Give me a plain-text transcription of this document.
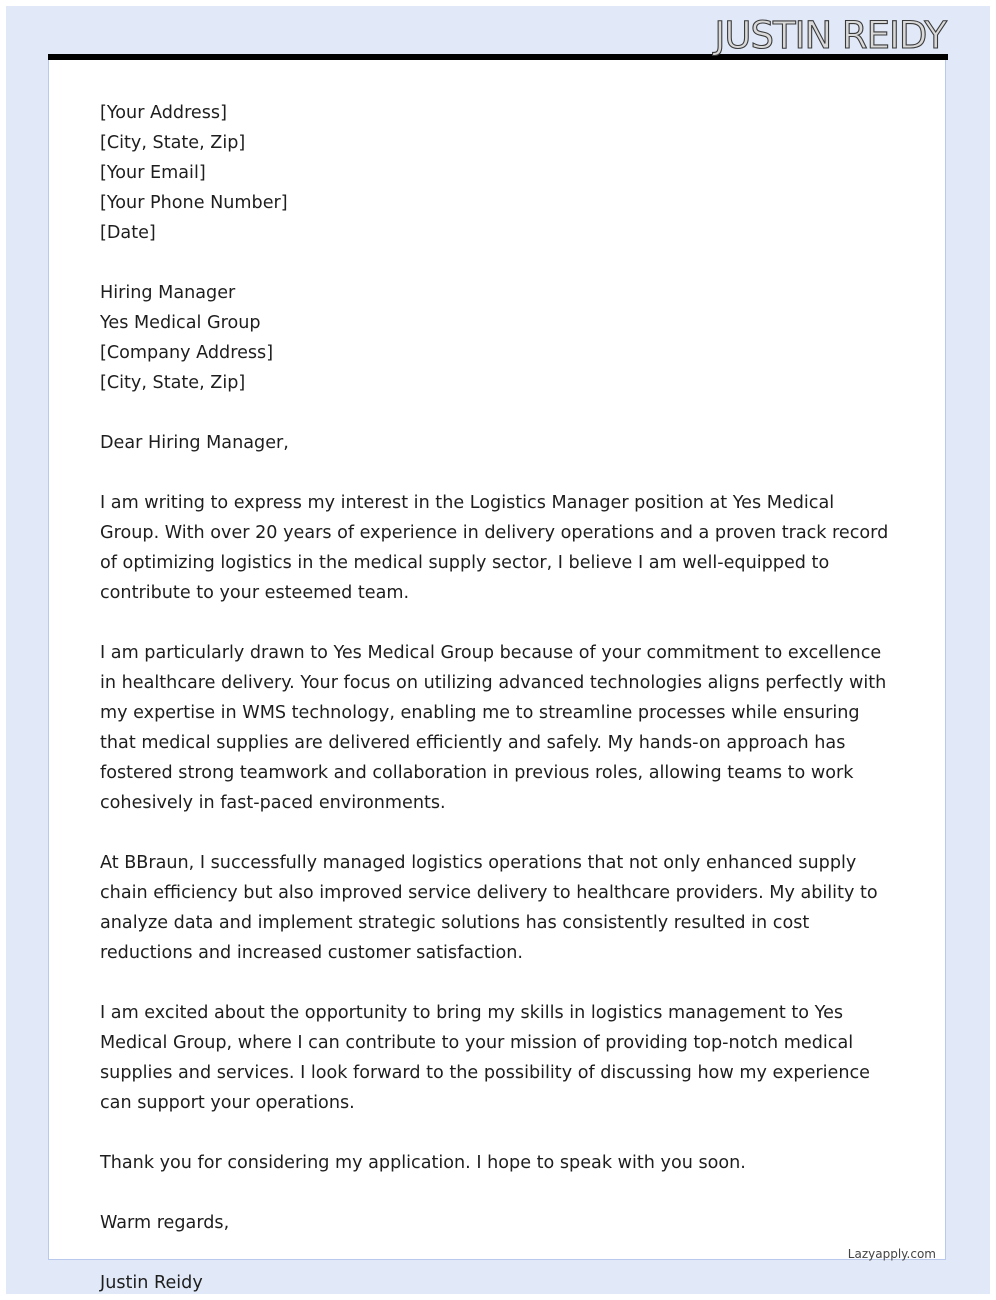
JUSTIN REIDY
[Your Address]
[City, State, Zip]
[Your Email]
[Your Phone Number]
[Date]
Hiring Manager
Yes Medical Group
[Company Address]
[City, State, Zip]
Dear Hiring Manager,
I am writing to express my interest in the Logistics Manager position at Yes Medical
Group. With over 20 years of experience in delivery operations and a proven track record
of optimizing logistics in the medical supply sector, I believe I am well-equipped to
contribute to your esteemed team.
I am particularly drawn to Yes Medical Group because of your commitment to excellence
in healthcare delivery. Your focus on utilizing advanced technologies aligns perfectly with
my expertise in WMS technology, enabling me to streamline processes while ensuring
that medical supplies are delivered efficiently and safely. My hands-on approach has
fostered strong teamwork and collaboration in previous roles, allowing teams to work
cohesively in fast-paced environments.
At BBraun, I successfully managed logistics operations that not only enhanced supply
chain efficiency but also improved service delivery to healthcare providers. My ability to
analyze data and implement strategic solutions has consistently resulted in cost
reductions and increased customer satisfaction.
I am excited about the opportunity to bring my skills in logistics management to Yes
Medical Group, where I can contribute to your mission of providing top-notch medical
supplies and services. I look forward to the possibility of discussing how my experience
can support your operations.
Thank you for considering my application. I hope to speak with you soon.
Warm regards,
Lazyapply.com
Justin Reidy
